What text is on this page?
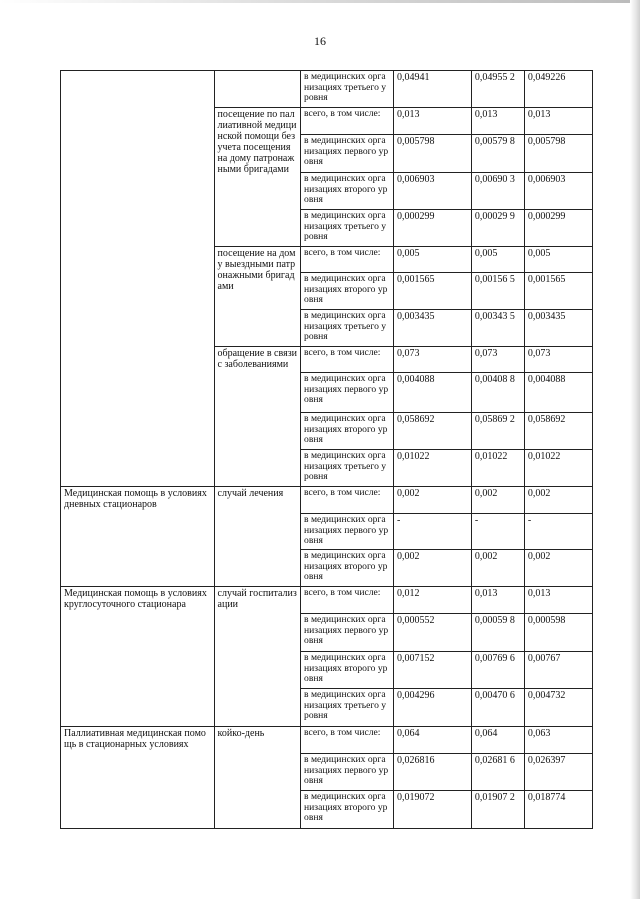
16
		в медицинских организациях третьего уровня	0,04941	0,04955 2	0,049226
	посещение по паллиативной медицинской помощи без учета посещения на дому патронажными бригадами	всего, в том числе:	0,013	0,013	0,013
		в медицинских организациях первого уровня	0,005798	0,00579 8	0,005798
		в медицинских организациях второго уровня	0,006903	0,00690 3	0,006903
		в медицинских организациях третьего уровня	0,000299	0,00029 9	0,000299
	посещение на дому выездными патронажными бригадами	всего, в том числе:	0,005	0,005	0,005
		в медицинских организациях второго уровня	0,001565	0,00156 5	0,001565
		в медицинских организациях третьего уровня	0,003435	0,00343 5	0,003435
	обращение в связи с заболеваниями	всего, в том числе:	0,073	0,073	0,073
		в медицинских организациях первого уровня	0,004088	0,00408 8	0,004088
		в медицинских организациях второго уровня	0,058692	0,05869 2	0,058692
		в медицинских организациях третьего уровня	0,01022	0,01022	0,01022
Медицинская помощь в условиях дневных стационаров	случай лечения	всего, в том числе:	0,002	0,002	0,002
		в медицинских организациях первого уровня	-	-	-
		в медицинских организациях второго уровня	0,002	0,002	0,002
Медицинская помощь в условиях круглосуточного стационара	случай госпитализации	всего, в том числе:	0,012	0,013	0,013
		в медицинских организациях первого уровня	0,000552	0,00059 8	0,000598
		в медицинских организациях второго уровня	0,007152	0,00769 6	0,00767
		в медицинских организациях третьего уровня	0,004296	0,00470 6	0,004732
Паллиативная медицинская помощь в стационарных условиях	койко-день	всего, в том числе:	0,064	0,064	0,063
		в медицинских организациях первого уровня	0,026816	0,02681 6	0,026397
		в медицинских организациях второго уровня	0,019072	0,01907 2	0,018774
